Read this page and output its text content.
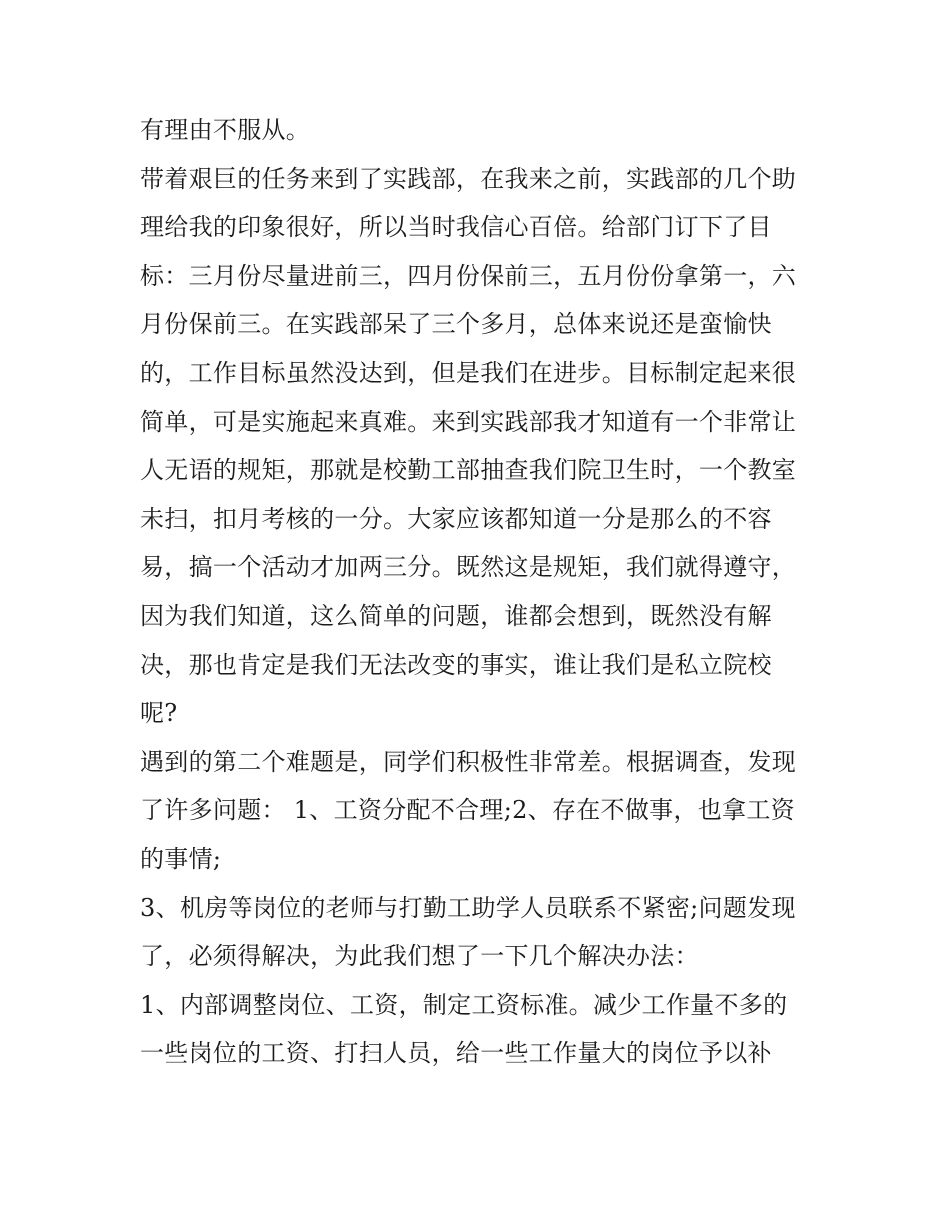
有理由不服从。
带着艰巨的任务来到了实践部，在我来之前，实践部的几个助
理给我的印象很好，所以当时我信心百倍。给部门订下了目
标：三月份尽量进前三，四月份保前三，五月份份拿第一，六
月份保前三。在实践部呆了三个多月，总体来说还是蛮愉快
的，工作目标虽然没达到，但是我们在进步。目标制定起来很
简单，可是实施起来真难。来到实践部我才知道有一个非常让
人无语的规矩，那就是校勤工部抽查我们院卫生时，一个教室
未扫，扣月考核的一分。大家应该都知道一分是那么的不容
易，搞一个活动才加两三分。既然这是规矩，我们就得遵守，
因为我们知道，这么简单的问题，谁都会想到，既然没有解
决，那也肯定是我们无法改变的事实，谁让我们是私立院校
呢?
遇到的第二个难题是，同学们积极性非常差。根据调查，发现
了许多问题： 1、工资分配不合理;2、存在不做事，也拿工资
的事情;
3、机房等岗位的老师与打勤工助学人员联系不紧密;问题发现
了，必须得解决，为此我们想了一下几个解决办法：
1、内部调整岗位、工资，制定工资标准。减少工作量不多的
一些岗位的工资、打扫人员，给一些工作量大的岗位予以补
